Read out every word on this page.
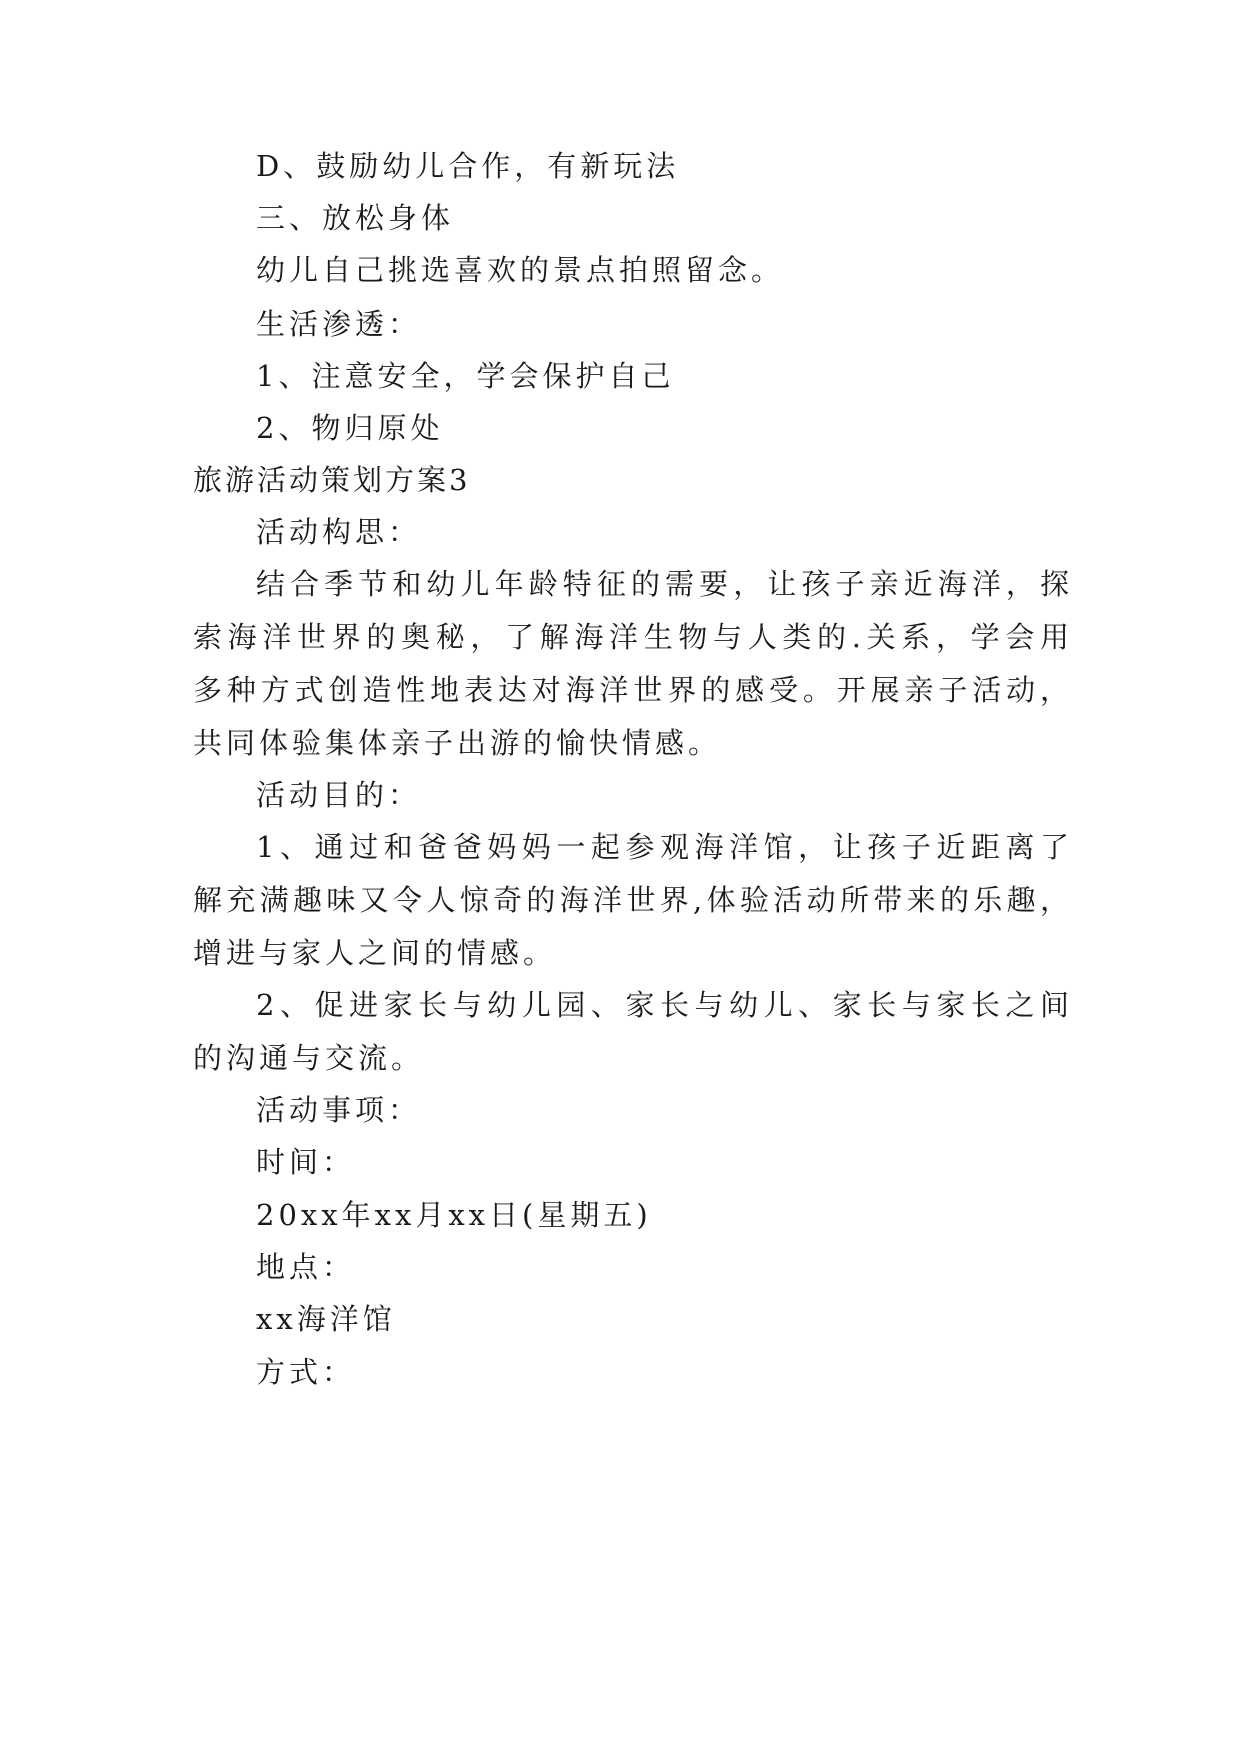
D、鼓励幼儿合作，有新玩法
三、放松身体
幼儿自己挑选喜欢的景点拍照留念。
生活渗透：
1、注意安全，学会保护自己
2、物归原处
旅游活动策划方案3
活动构思：
结合季节和幼儿年龄特征的需要，让孩子亲近海洋，探
索海洋世界的奥秘，了解海洋生物与人类的.关系，学会用
多种方式创造性地表达对海洋世界的感受。开展亲子活动，
共同体验集体亲子出游的愉快情感。
活动目的：
1、通过和爸爸妈妈一起参观海洋馆，让孩子近距离了
解充满趣味又令人惊奇的海洋世界,体验活动所带来的乐趣，
增进与家人之间的情感。
2、促进家长与幼儿园、家长与幼儿、家长与家长之间
的沟通与交流。
活动事项：
时间：
20xx年xx月xx日(星期五)
地点：
xx海洋馆
方式：
